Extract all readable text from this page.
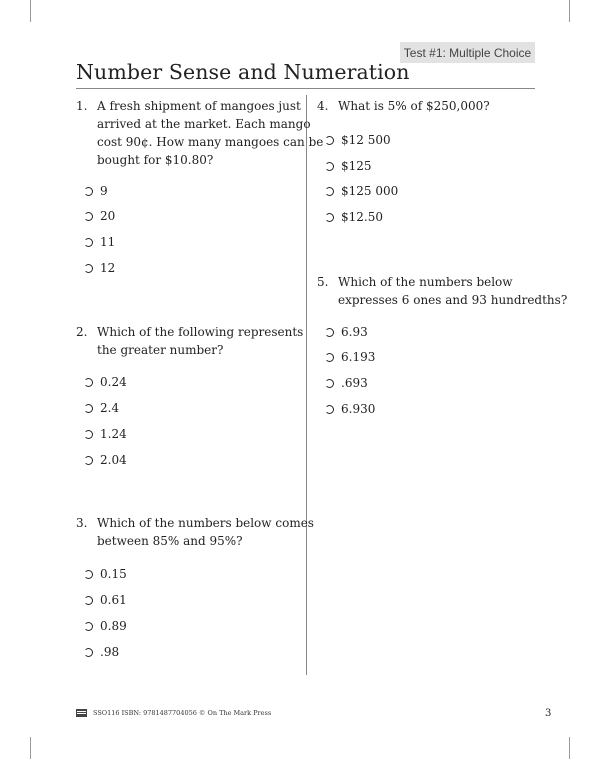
Test #1: Multiple Choice
Number Sense and Numeration
1. A fresh shipment of mangoes just
arrived at the market. Each mango
cost 90¢. How many mangoes can be
bought for $10.80?
9
20
11
12
2. Which of the following represents
the greater number?
0.24
2.4
1.24
2.04
3. Which of the numbers below comes
between 85% and 95%?
0.15
0.61
0.89
.98
4. What is 5% of $250,000?
$12 500
$125
$125 000
$12.50
5. Which of the numbers below
expresses 6 ones and 93 hundredths?
6.93
6.193
.693
6.930
SSO116 ISBN: 9781487704056 © On The Mark Press	3
